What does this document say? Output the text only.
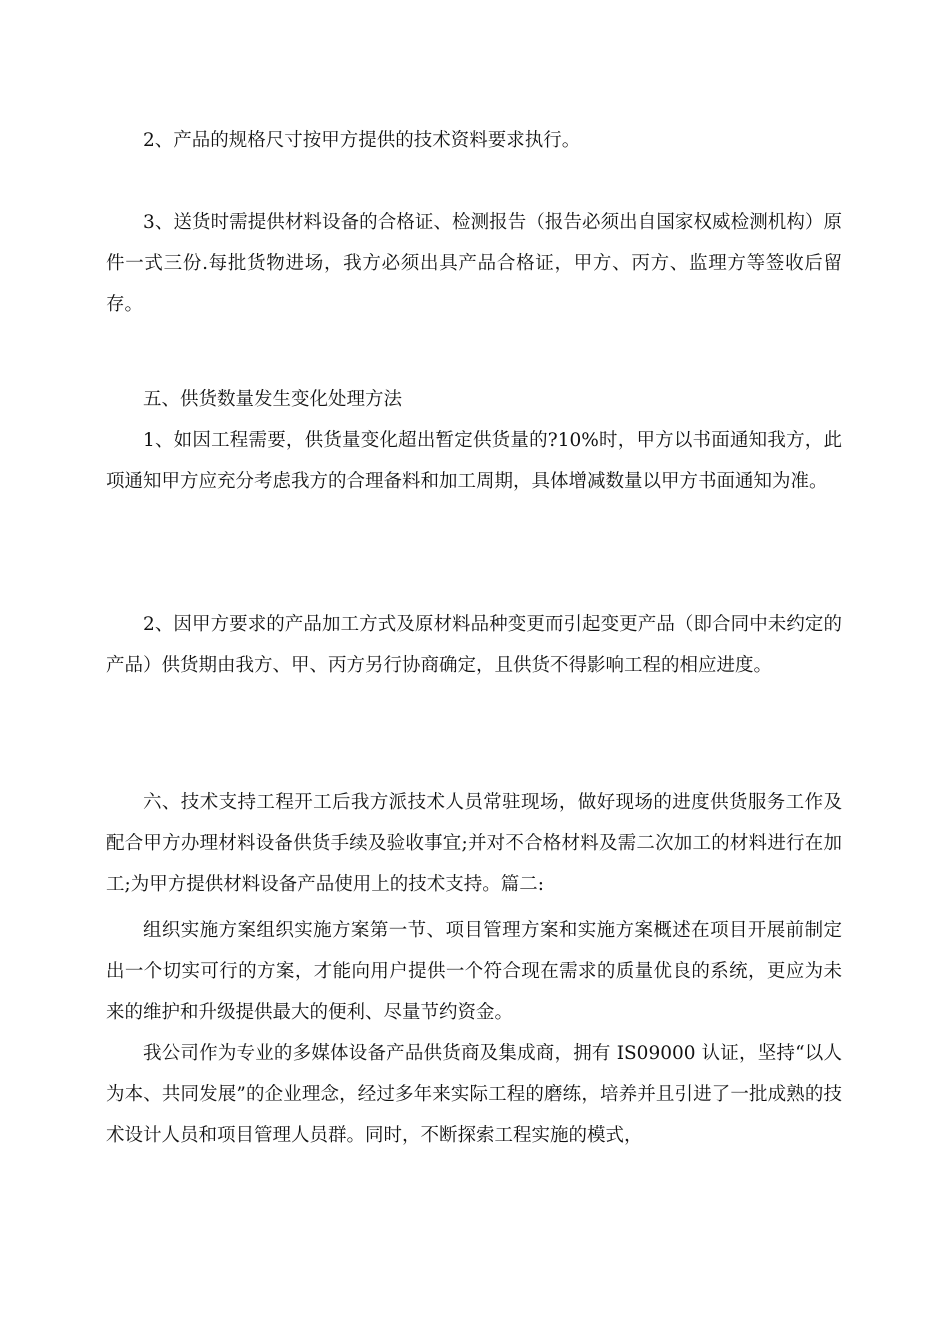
2、产品的规格尺寸按甲方提供的技术资料要求执行。

3、送货时需提供材料设备的合格证、检测报告（报告必须出自国家权威检测机构）原件一式三份.每批货物进场，我方必须出具产品合格证，甲方、丙方、监理方等签收后留存。

五、供货数量发生变化处理方法

1、如因工程需要，供货量变化超出暂定供货量的?10%时，甲方以书面通知我方，此项通知甲方应充分考虑我方的合理备料和加工周期，具体增减数量以甲方书面通知为准。

2、因甲方要求的产品加工方式及原材料品种变更而引起变更产品（即合同中未约定的产品）供货期由我方、甲、丙方另行协商确定，且供货不得影响工程的相应进度。

六、技术支持工程开工后我方派技术人员常驻现场，做好现场的进度供货服务工作及配合甲方办理材料设备供货手续及验收事宜;并对不合格材料及需二次加工的材料进行在加工;为甲方提供材料设备产品使用上的技术支持。篇二:

组织实施方案组织实施方案第一节、项目管理方案和实施方案概述在项目开展前制定出一个切实可行的方案，才能向用户提供一个符合现在需求的质量优良的系统，更应为未来的维护和升级提供最大的便利、尽量节约资金。

我公司作为专业的多媒体设备产品供货商及集成商，拥有 IS09000 认证，坚持“以人为本、共同发展”的企业理念，经过多年来实际工程的磨练，培养并且引进了一批成熟的技术设计人员和项目管理人员群。同时，不断探索工程实施的模式，
